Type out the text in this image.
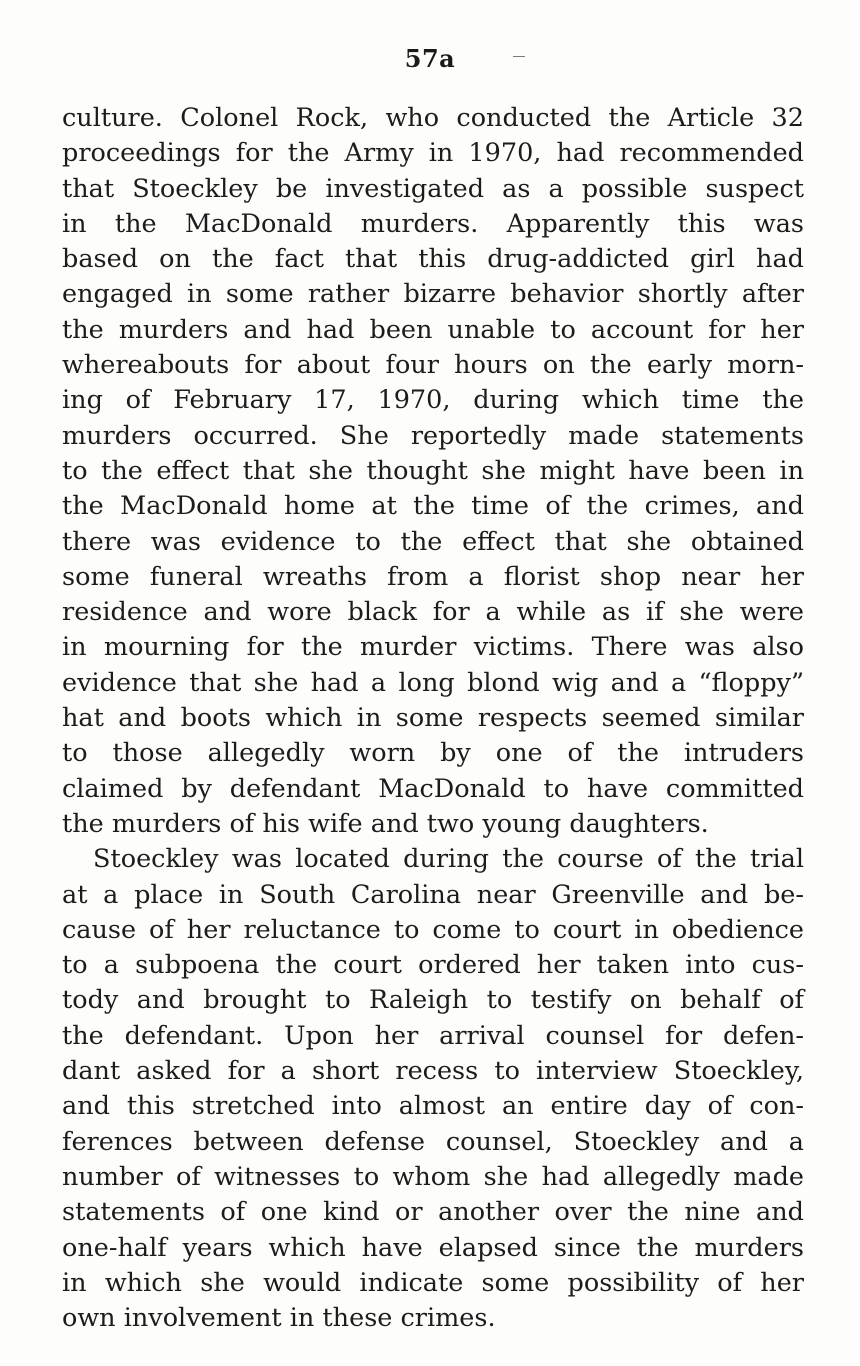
57a
culture. Colonel Rock, who conducted the Article 32
proceedings for the Army in 1970, had recommended
that Stoeckley be investigated as a possible suspect
in the MacDonald murders. Apparently this was
based on the fact that this drug-addicted girl had
engaged in some rather bizarre behavior shortly after
the murders and had been unable to account for her
whereabouts for about four hours on the early morn-
ing of February 17, 1970, during which time the
murders occurred. She reportedly made statements
to the effect that she thought she might have been in
the MacDonald home at the time of the crimes, and
there was evidence to the effect that she obtained
some funeral wreaths from a florist shop near her
residence and wore black for a while as if she were
in mourning for the murder victims. There was also
evidence that she had a long blond wig and a “floppy”
hat and boots which in some respects seemed similar
to those allegedly worn by one of the intruders
claimed by defendant MacDonald to have committed
the murders of his wife and two young daughters.
Stoeckley was located during the course of the trial
at a place in South Carolina near Greenville and be-
cause of her reluctance to come to court in obedience
to a subpoena the court ordered her taken into cus-
tody and brought to Raleigh to testify on behalf of
the defendant. Upon her arrival counsel for defen-
dant asked for a short recess to interview Stoeckley,
and this stretched into almost an entire day of con-
ferences between defense counsel, Stoeckley and a
number of witnesses to whom she had allegedly made
statements of one kind or another over the nine and
one-half years which have elapsed since the murders
in which she would indicate some possibility of her
own involvement in these crimes.
